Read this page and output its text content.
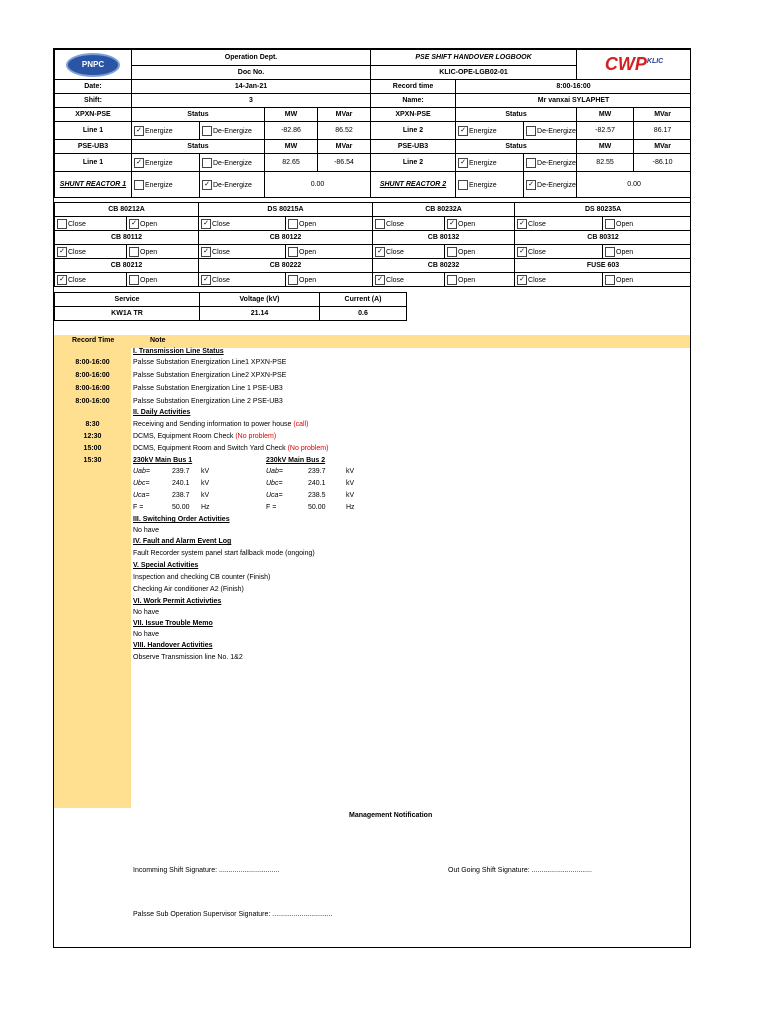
PNPC	Operation Dept.				PSE SHIFT HANDOVER LOGBOOK			$CWP^{KLIC}$
	Doc No.				KLIC-OPE-LGB02-01				
Date:	14-Jan-21				Record time	8:00-16:00			
Shift:	3				Name:	Mr vanxai SYLAPHET			
XPXN-PSE	Status		MW	MVar	XPXN-PSE	Status		MW	MVar
Line 1	✓ Energize	De-Energize	-82.86	86.52	Line 2	✓ Energize	De-Energize	-82.57	86.17
PSE-UB3	Status		MW	MVar	PSE-UB3	Status		MW	MVar
Line 1	✓ Energize	De-Energize	82.65	-86.54	Line 2	✓ Energize	De-Energize	82.55	-86.10
SHUNT REACTOR 1	Energize	✓ De-Energize	0.00		SHUNT REACTOR 2	Energize	✓ De-Energize	0.00	
CB 80212A		DS 80215A		CB 80232A		DS 80235A	
Close	✓ Open	✓ Close	Open	Close	✓ Open	✓ Close	Open
CB 80112		CB 80122		CB 80132		CB 80312	
✓ Close	Open	✓ Close	Open	✓ Close	Open	✓ Close	Open
CB 80212		CB 80222		CB 80232		FUSE 603	
✓ Close	Open	✓ Close	Open	✓ Close	Open	✓ Close	Open
Service	Voltage (kV)	Current (A)
KW1A TR	21.14	0.6
Record Time	Note
I. Transmission Line Status
8:00-16:00	Palsse Substation Energization Line1 XPXN-PSE
8:00-16:00	Palsse Substation Energization Line2 XPXN-PSE
8:00-16:00	Palsse Substation Energization Line 1 PSE-UB3
8:00-16:00	Palsse Substation Energization Line 2 PSE-UB3
II. Daily Activities
8:30	Receiving and Sending information to power house (call)
12:30	DCMS, Equipment Room Check (No problem)
15:00	DCMS, Equipment Room and Switch Yard Check (No problem)
15:30	230kV Main Bus 1	230kV Main Bus 2
Uab=	239.7 kV	Uab=	239.7	kV
Ubc=	240.1 kV	Ubc=	240.1	kV
Uca=	238.7 kV	Uca=	238.5	kV
F =	50.00 Hz	F =	50.00	Hz
III. Switching Order Activities
No have
IV. Fault and Alarm Event Log
Fault Recorder system panel start fallback mode (ongoing)
V. Special Activities
Inspection and checking CB counter (Finish)
Checking Air conditioner A2 (Finish)
VI. Work Permit Activivties
No have
VII. Issue Trouble Memo
No have
VIII. Handover Activities
Observe Transmission line No. 1&2
Management Notification
Incomming Shift Signature: ...............................	Out Going Shift Signature: ...............................
Palsse Sub Operation Supervisor Signature: ...............................
